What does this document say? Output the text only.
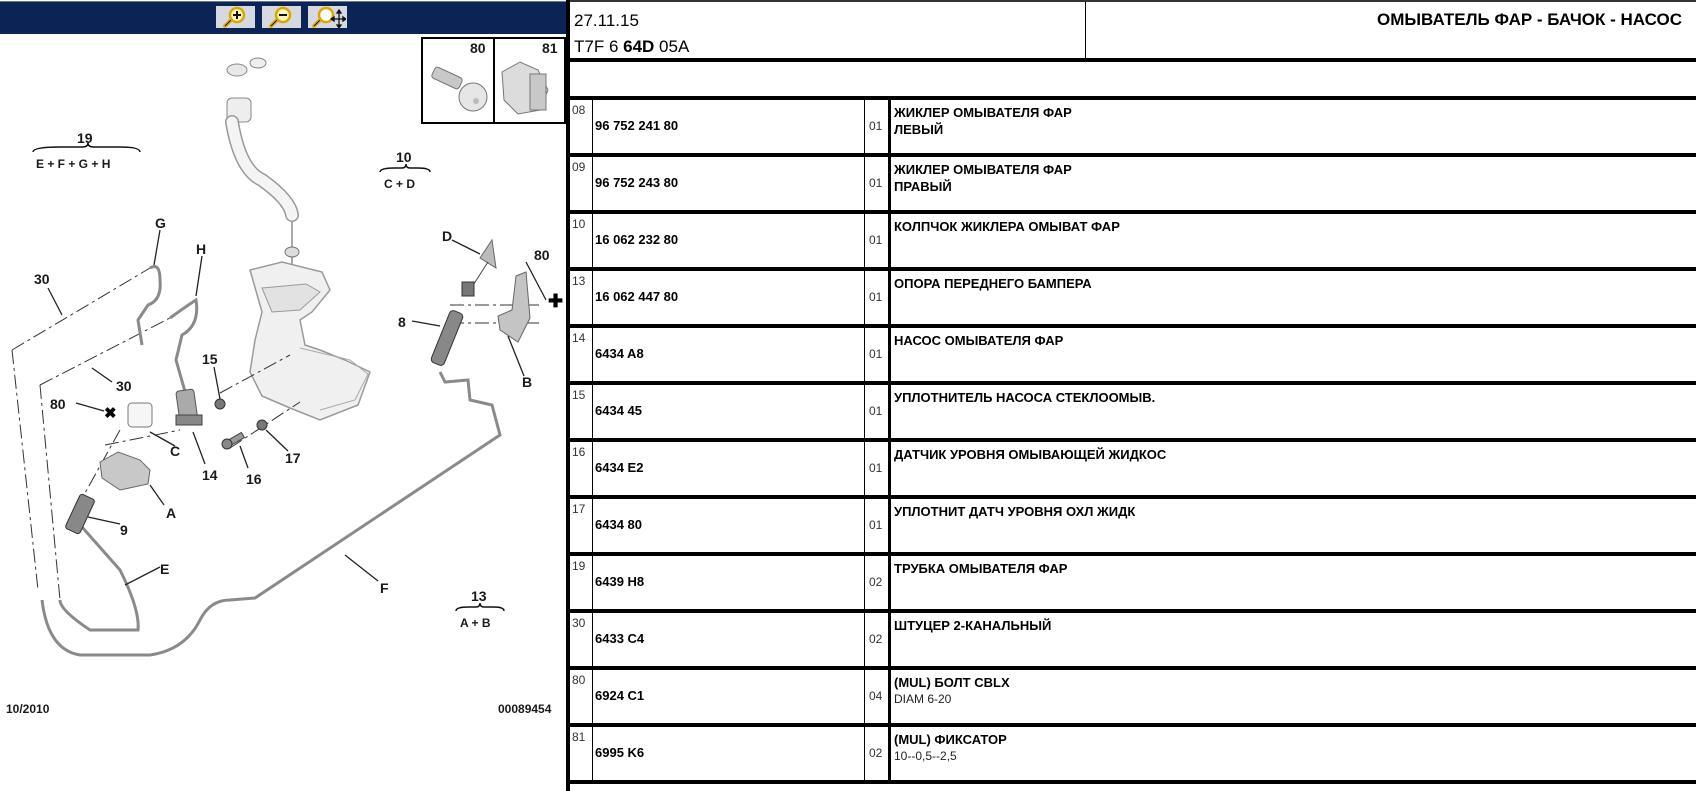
80	81
✚
✖
D
80
8
B
G
H
30
30
80
15
C
14 16
17
A
9
E
F
19
E + F + G + H	10
C + D
13
A + B
10/2010	00089454
27.11.15
T7F 6 64D 05A
ОМЫВАТЕЛЬ ФАР - БАЧОК - НАСОС
08
96 752 241 80	01
ЖИКЛЕР ОМЫВАТЕЛЯ ФАР
ЛЕВЫЙ
09
96 752 243 80	01
ЖИКЛЕР ОМЫВАТЕЛЯ ФАР
ПРАВЫЙ
10
16 062 232 80	01
КОЛПЧОК ЖИКЛЕРА ОМЫВАТ ФАР
13
16 062 447 80	01
ОПОРА ПЕРЕДНЕГО БАМПЕРА
14
6434 A8	01
НАСОС ОМЫВАТЕЛЯ ФАР
15
6434 45	01
УПЛОТНИТЕЛЬ НАСОСА СТЕКЛООМЫВ.
16
6434 E2	01
ДАТЧИК УРОВНЯ ОМЫВАЮЩЕЙ ЖИДКОС
17
6434 80	01
УПЛОТНИТ ДАТЧ УРОВНЯ ОХЛ ЖИДК
19
6439 H8	02
ТРУБКА ОМЫВАТЕЛЯ ФАР
30
6433 C4	02
ШТУЦЕР 2-КАНАЛЬНЫЙ
80
6924 C1	04
(MUL) БОЛТ CBLX
DIAM 6-20
81
6995 K6	02
(MUL) ФИКСАТОР
10--0,5--2,5
